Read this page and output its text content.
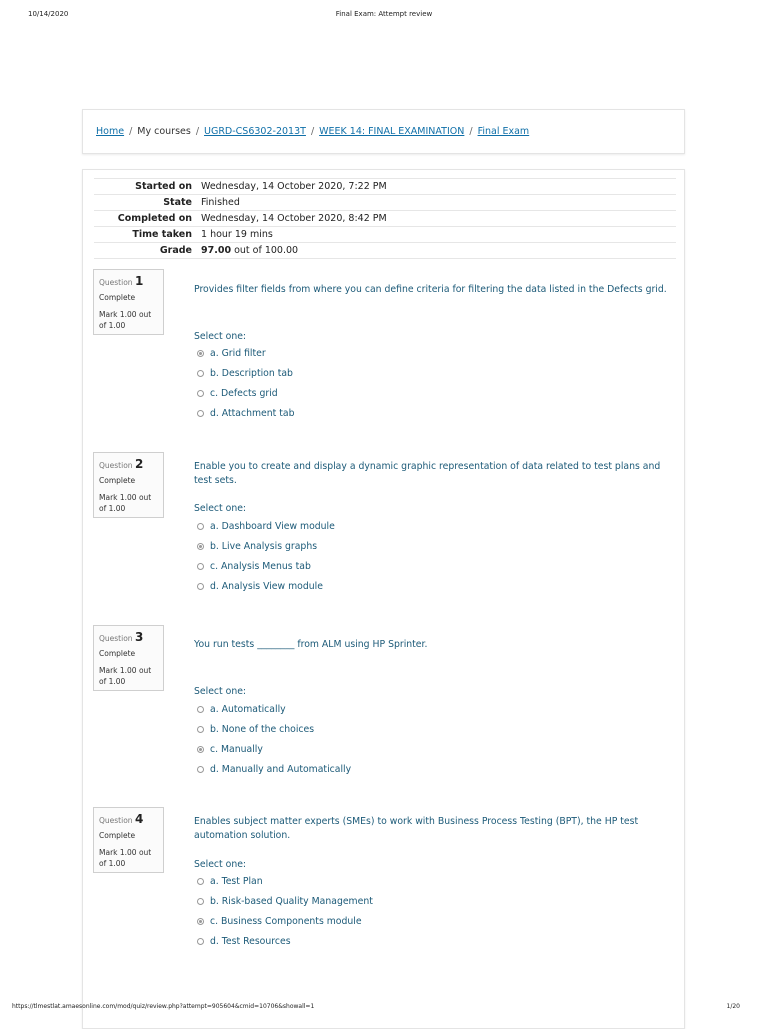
10/14/2020	Final Exam: Attempt review
Home / My courses / UGRD-CS6302-2013T / WEEK 14: FINAL EXAMINATION / Final Exam
Started on	Wednesday, 14 October 2020, 7:22 PM
State	Finished
Completed on	Wednesday, 14 October 2020, 8:42 PM
Time taken	1 hour 19 mins
Grade	97.00 out of 100.00
Question 1
Complete
Mark 1.00 out of 1.00
Provides filter fields from where you can define criteria for filtering the data listed in the Defects grid.
Select one:
a. Grid filter
b. Description tab
c. Defects grid
d. Attachment tab
Question 2
Complete
Mark 1.00 out of 1.00
Enable you to create and display a dynamic graphic representation of data related to test plans and test sets.
Select one:
a. Dashboard View module
b. Live Analysis graphs
c. Analysis Menus tab
d. Analysis View module
Question 3
Complete
Mark 1.00 out of 1.00
You run tests ________ from ALM using HP Sprinter.
Select one:
a. Automatically
b. None of the choices
c. Manually
d. Manually and Automatically
Question 4
Complete
Mark 1.00 out of 1.00
Enables subject matter experts (SMEs) to work with Business Process Testing (BPT), the HP test automation solution.
Select one:
a. Test Plan
b. Risk-based Quality Management
c. Business Components module
d. Test Resources
https://tlmestlat.amaesonline.com/mod/quiz/review.php?attempt=905604&cmid=10706&showall=1	1/20
